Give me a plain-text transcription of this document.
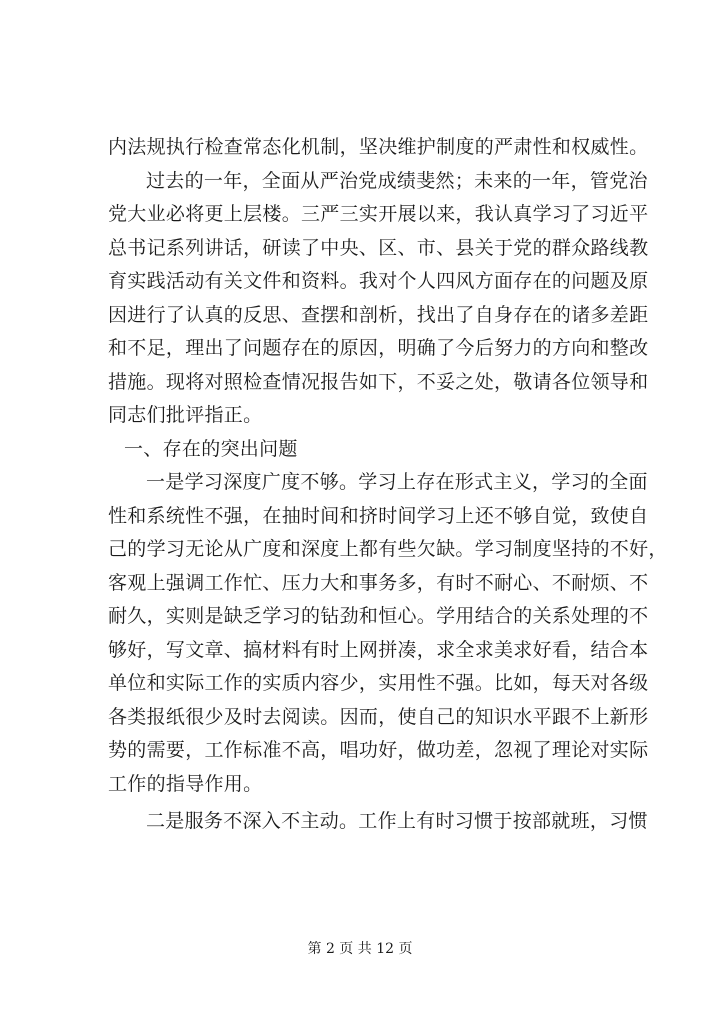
内法规执行检查常态化机制，坚决维护制度的严肃性和权威性。
过去的一年，全面从严治党成绩斐然；未来的一年，管党治
党大业必将更上层楼。三严三实开展以来，我认真学习了习近平
总书记系列讲话，研读了中央、区、市、县关于党的群众路线教
育实践活动有关文件和资料。我对个人四风方面存在的问题及原
因进行了认真的反思、查摆和剖析，找出了自身存在的诸多差距
和不足，理出了问题存在的原因，明确了今后努力的方向和整改
措施。现将对照检查情况报告如下，不妥之处，敬请各位领导和
同志们批评指正。
一、存在的突出问题
一是学习深度广度不够。学习上存在形式主义，学习的全面
性和系统性不强，在抽时间和挤时间学习上还不够自觉，致使自
己的学习无论从广度和深度上都有些欠缺。学习制度坚持的不好，
客观上强调工作忙、压力大和事务多，有时不耐心、不耐烦、不
耐久，实则是缺乏学习的钻劲和恒心。学用结合的关系处理的不
够好，写文章、搞材料有时上网拼凑，求全求美求好看，结合本
单位和实际工作的实质内容少，实用性不强。比如，每天对各级
各类报纸很少及时去阅读。因而，使自己的知识水平跟不上新形
势的需要，工作标准不高，唱功好，做功差，忽视了理论对实际
工作的指导作用。
二是服务不深入不主动。工作上有时习惯于按部就班，习惯
第 2 页 共 12 页
